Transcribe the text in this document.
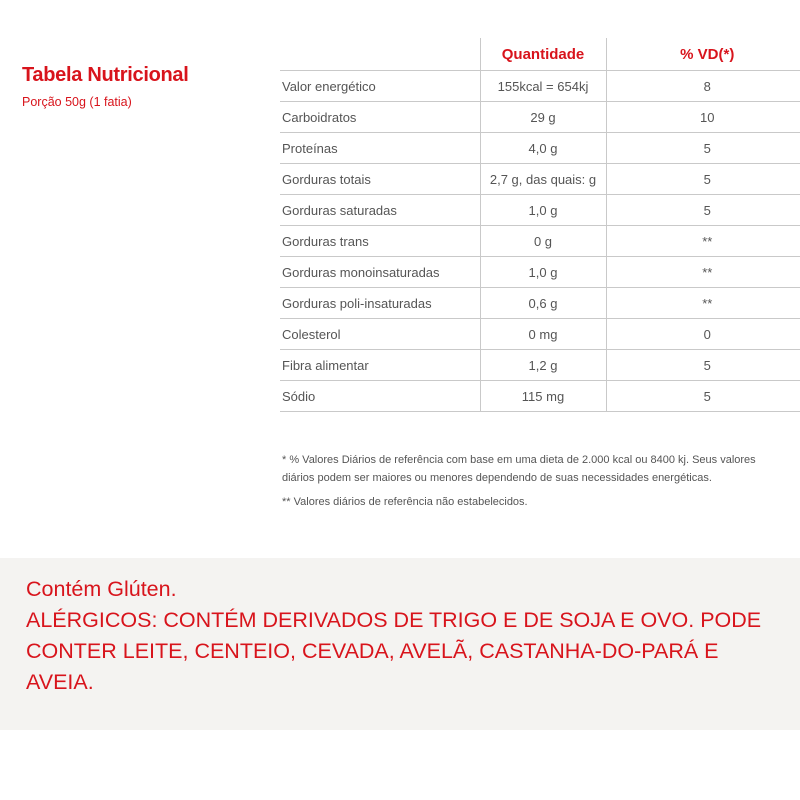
Tabela Nutricional
Porção 50g (1 fatia)
	Quantidade	% VD(*)
Valor energético	155kcal = 654kj	8
Carboidratos	29 g	10
Proteínas	4,0 g	5
Gorduras totais	2,7 g, das quais: g	5
Gorduras saturadas	1,0 g	5
Gorduras trans	0 g	**
Gorduras monoinsaturadas	1,0 g	**
Gorduras poli-insaturadas	0,6 g	**
Colesterol	0 mg	0
Fibra alimentar	1,2 g	5
Sódio	115 mg	5

* % Valores Diários de referência com base em uma dieta de 2.000 kcal ou 8400 kj. Seus valores diários podem ser maiores ou menores dependendo de suas necessidades energéticas.

** Valores diários de referência não estabelecidos.

Contém Glúten.
ALÉRGICOS: CONTÉM DERIVADOS DE TRIGO E DE SOJA E OVO. PODE
CONTER LEITE, CENTEIO, CEVADA, AVELÃ, CASTANHA-DO-PARÁ E
AVEIA.
